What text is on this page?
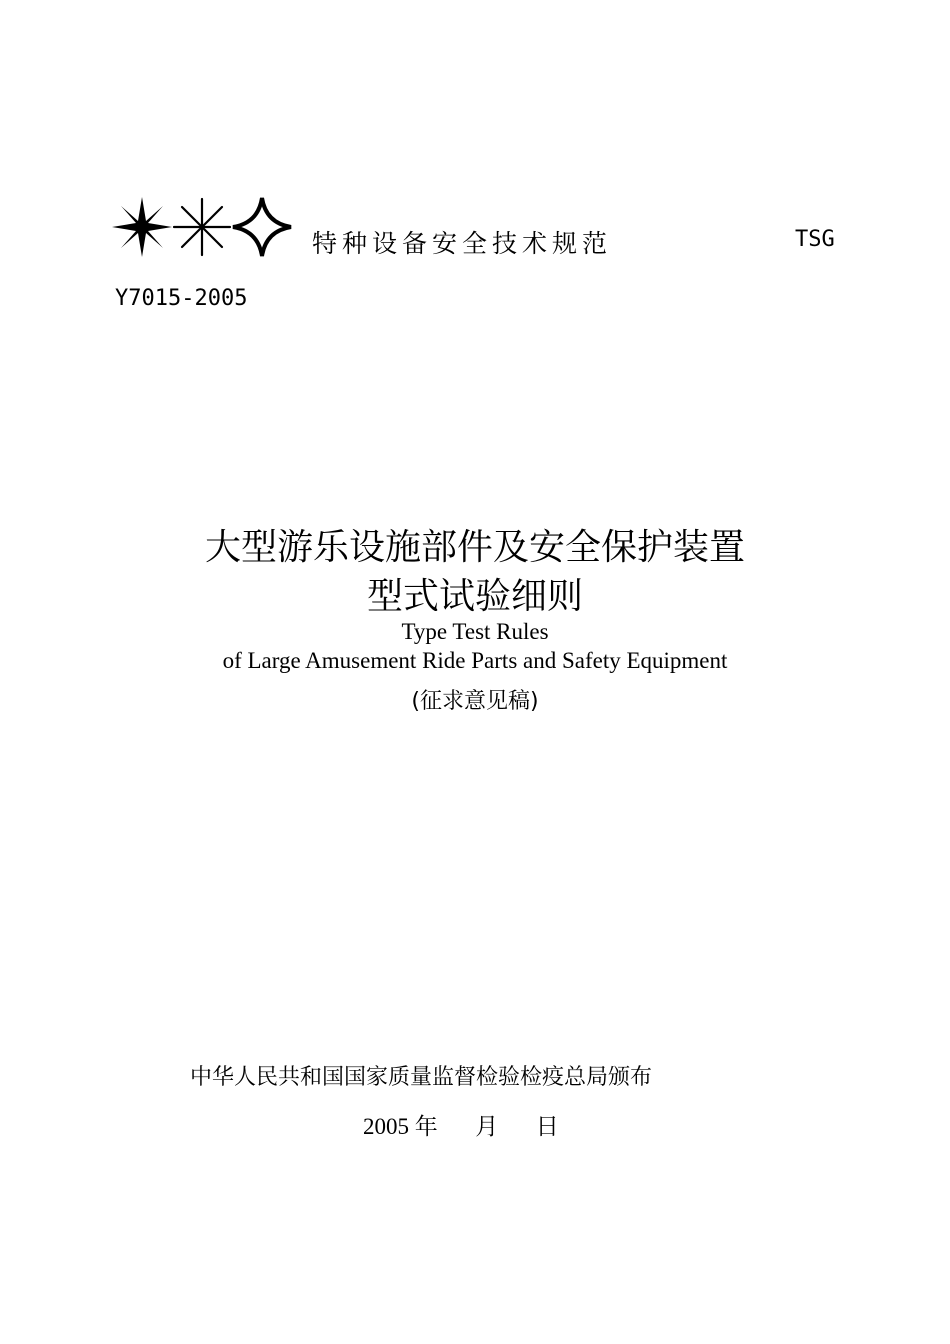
特种设备安全技术规范	TSG
Y7015-2005
大型游乐设施部件及安全保护装置
型式试验细则
Type Test Rules
of Large Amusement Ride Parts and Safety Equipment
(征求意见稿)
中华人民共和国国家质量监督检验检疫总局颁布
2005 年 月 日
